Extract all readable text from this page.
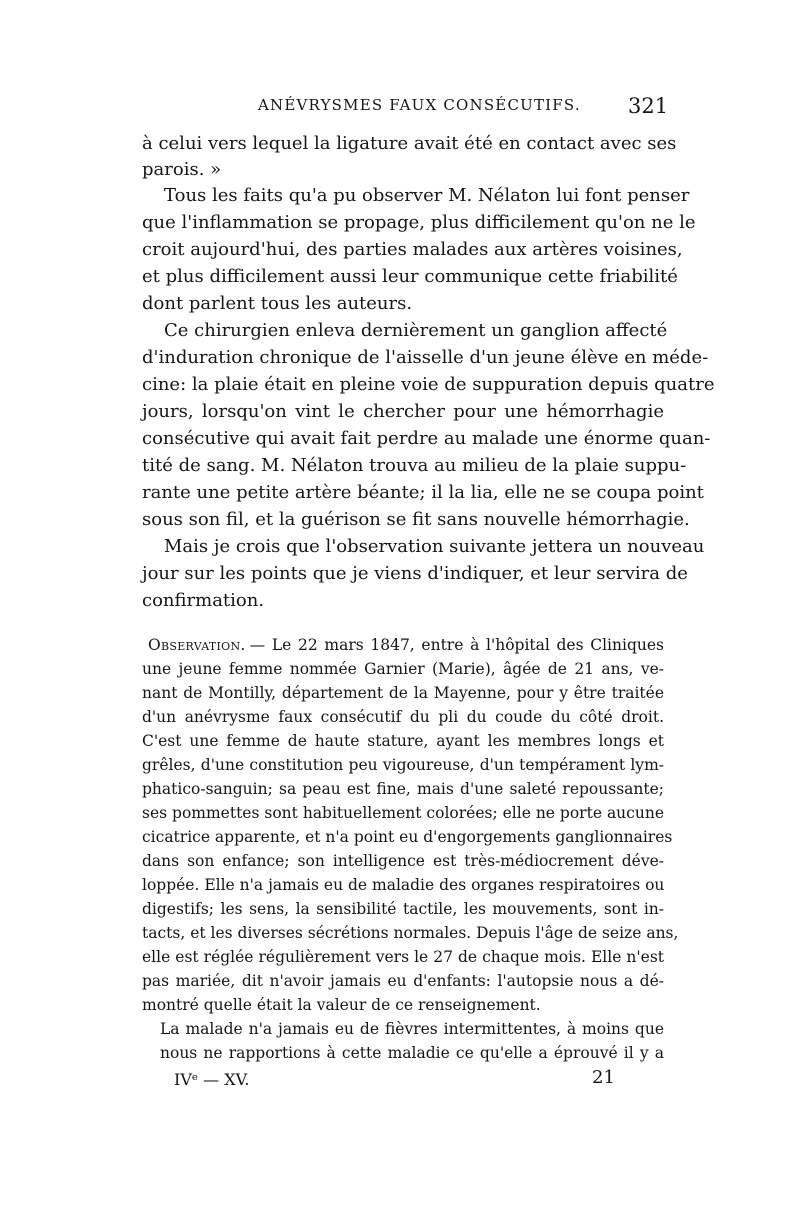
ANÉVRYSMES FAUX CONSÉCUTIFS. 321
à celui vers lequel la ligature avait été en contact avec ses
parois. »
Tous les faits qu'a pu observer M. Nélaton lui font penser
que l'inflammation se propage, plus difficilement qu'on ne le
croit aujourd'hui, des parties malades aux artères voisines,
et plus difficilement aussi leur communique cette friabilité
dont parlent tous les auteurs.
Ce chirurgien enleva dernièrement un ganglion affecté
d'induration chronique de l'aisselle d'un jeune élève en méde-
cine: la plaie était en pleine voie de suppuration depuis quatre
jours, lorsqu'on vint le chercher pour une hémorrhagie
consécutive qui avait fait perdre au malade une énorme quan-
tité de sang. M. Nélaton trouva au milieu de la plaie suppu-
rante une petite artère béante; il la lia, elle ne se coupa point
sous son fil, et la guérison se fit sans nouvelle hémorrhagie.
Mais je crois que l'observation suivante jettera un nouveau
jour sur les points que je viens d'indiquer, et leur servira de
confirmation.
Observation. — Le 22 mars 1847, entre à l'hôpital des Cliniques
une jeune femme nommée Garnier (Marie), âgée de 21 ans, ve-
nant de Montilly, département de la Mayenne, pour y être traitée
d'un anévrysme faux consécutif du pli du coude du côté droit.
C'est une femme de haute stature, ayant les membres longs et
grêles, d'une constitution peu vigoureuse, d'un tempérament lym-
phatico-sanguin; sa peau est fine, mais d'une saleté repoussante;
ses pommettes sont habituellement colorées; elle ne porte aucune
cicatrice apparente, et n'a point eu d'engorgements ganglionnaires
dans son enfance; son intelligence est très-médiocrement déve-
loppée. Elle n'a jamais eu de maladie des organes respiratoires ou
digestifs; les sens, la sensibilité tactile, les mouvements, sont in-
tacts, et les diverses sécrétions normales. Depuis l'âge de seize ans,
elle est réglée régulièrement vers le 27 de chaque mois. Elle n'est
pas mariée, dit n'avoir jamais eu d'enfants: l'autopsie nous a dé-
montré quelle était la valeur de ce renseignement.
La malade n'a jamais eu de fièvres intermittentes, à moins que
nous ne rapportions à cette maladie ce qu'elle a éprouvé il y a
IVᵉ — XV.	21
